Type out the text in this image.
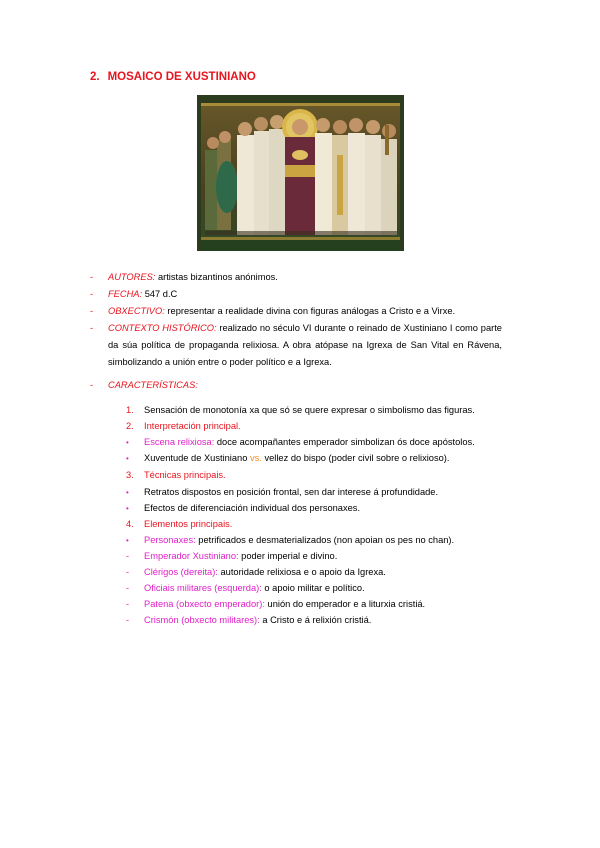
2. MOSAICO DE XUSTINIANO
- AUTORES: artistas bizantinos anónimos.
- FECHA: 547 d.C
- OBXECTIVO: representar a realidade divina con figuras análogas a Cristo e a Virxe.
- CONTEXTO HISTÓRICO: realizado no século VI durante o reinado de Xustiniano I como parte da súa política de propaganda relixiosa. A obra atópase na Igrexa de San Vital en Rávena, simbolizando a unión entre o poder político e a Igrexa.
- CARACTERÍSTICAS:
1. Sensación de monotonía xa que só se quere expresar o simbolismo das figuras.
2. Interpretación principal.
• Escena relixiosa: doce acompañantes emperador simbolizan ós doce apóstolos.
• Xuventude de Xustiniano vs. vellez do bispo (poder civil sobre o relixioso).
3. Técnicas principais.
• Retratos dispostos en posición frontal, sen dar interese á profundidade.
• Efectos de diferenciación individual dos personaxes.
4. Elementos principais.
• Personaxes: petrificados e desmaterializados (non apoian os pes no chan).
- Emperador Xustiniano: poder imperial e divino.
- Clérigos (dereita): autoridade relixiosa e o apoio da Igrexa.
- Oficiais militares (esquerda): o apoio militar e político.
- Patena (obxecto emperador): unión do emperador e a liturxia cristiá.
- Crismón (obxecto militares): a Cristo e á relixión cristiá.
